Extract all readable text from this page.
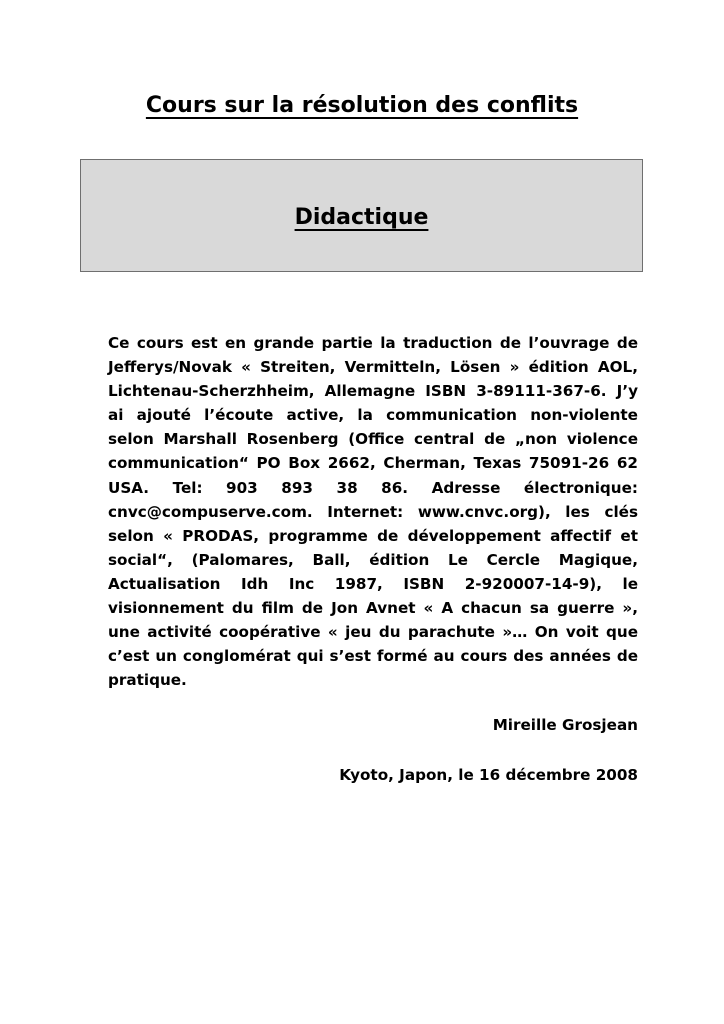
Cours sur la résolution des conflits
Didactique

Ce cours est en grande partie la traduction de l’ouvrage de Jefferys/Novak « Streiten, Vermitteln, Lösen » édition AOL, Lichtenau-Scherzhheim, Allemagne ISBN 3-89111-367-6. J’y ai ajouté l’écoute active, la communication non-violente selon Marshall Rosenberg (Office central de „non violence communication“ PO Box 2662, Cherman, Texas 75091-26 62 USA. Tel: 903 893 38 86. Adresse électronique: cnvc@compuserve.com. Internet: www.cnvc.org), les clés selon « PRODAS, programme de développement affectif et social“, (Palomares, Ball, édition Le Cercle Magique, Actualisation Idh Inc 1987, ISBN 2-920007-14-9), le visionnement du film de Jon Avnet « A chacun sa guerre », une activité coopérative « jeu du parachute »… On voit que c’est un conglomérat qui s’est formé au cours des années de pratique.

Mireille Grosjean

Kyoto, Japon, le 16 décembre 2008
